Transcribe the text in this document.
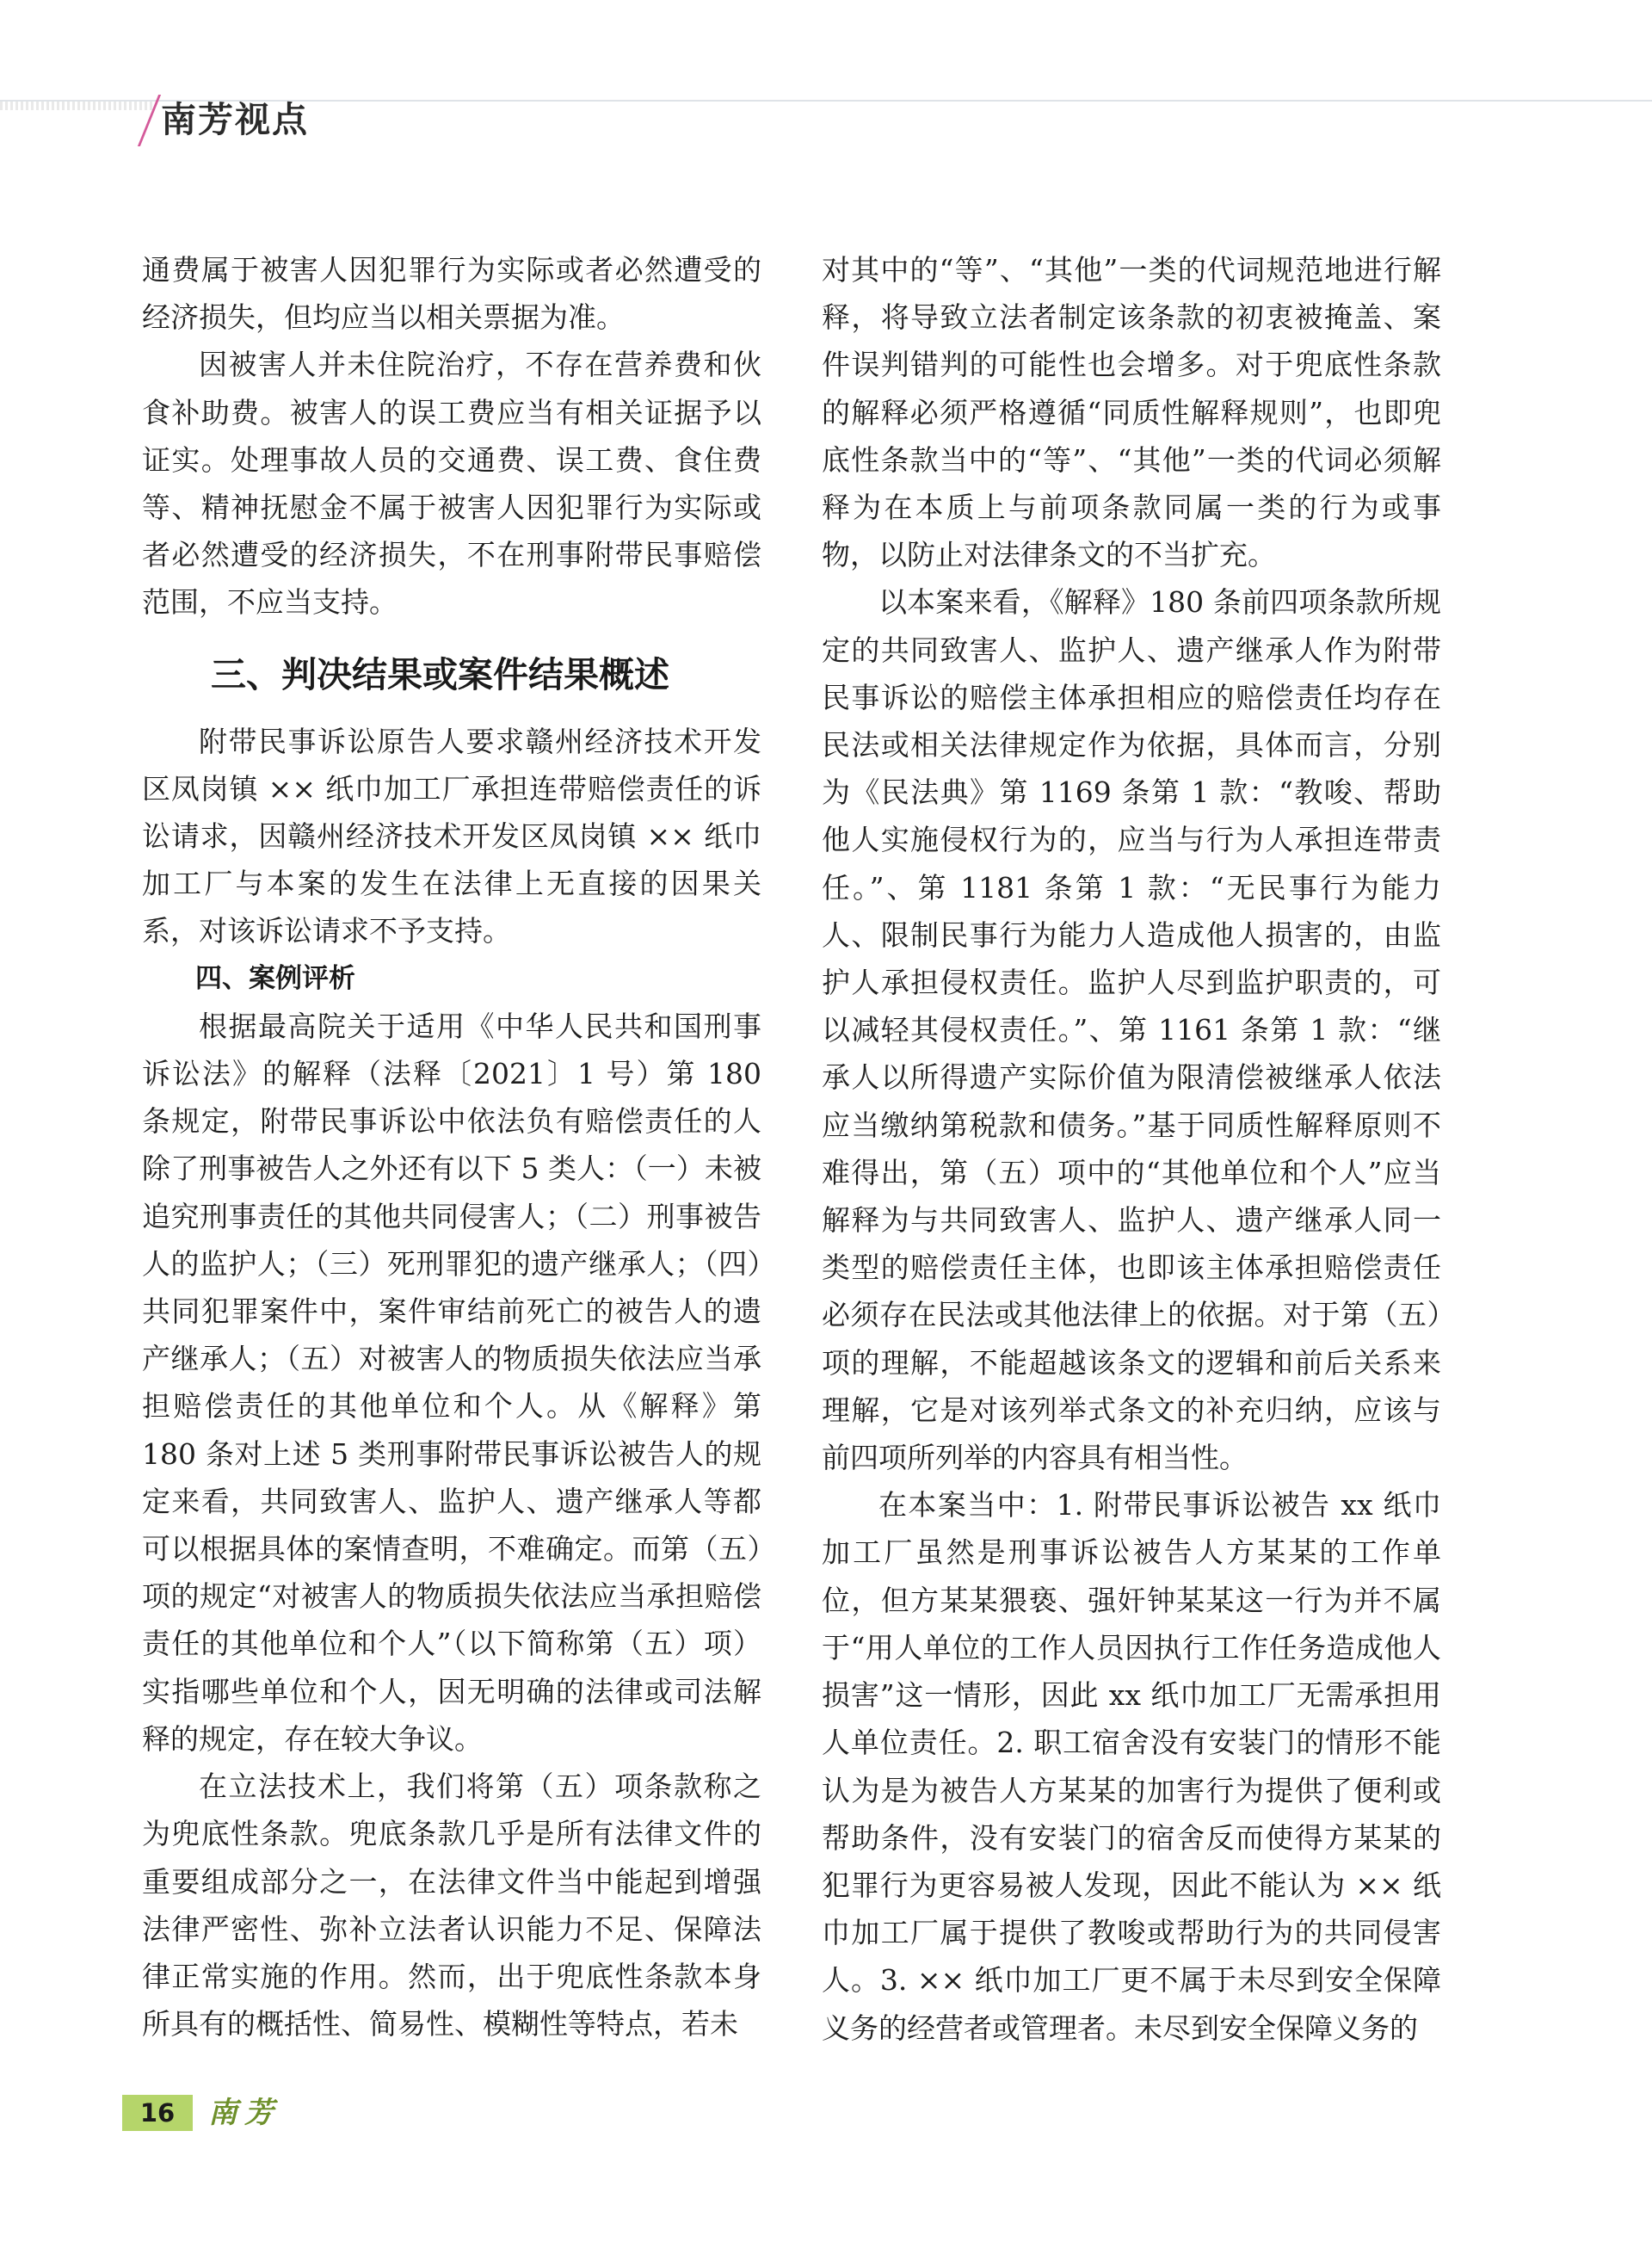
南芳视点

通费属于被害人因犯罪行为实际或者必然遭受的经济损失，但均应当以相关票据为准。

因被害人并未住院治疗，不存在营养费和伙食补助费。被害人的误工费应当有相关证据予以证实。处理事故人员的交通费、误工费、食住费等、精神抚慰金不属于被害人因犯罪行为实际或者必然遭受的经济损失，不在刑事附带民事赔偿范围，不应当支持。

三、判决结果或案件结果概述

附带民事诉讼原告人要求赣州经济技术开发区凤岗镇 ×× 纸巾加工厂承担连带赔偿责任的诉讼请求，因赣州经济技术开发区凤岗镇 ×× 纸巾加工厂与本案的发生在法律上无直接的因果关系，对该诉讼请求不予支持。

四、案例评析

根据最高院关于适用《中华人民共和国刑事诉讼法》的解释（法释〔2021〕1 号）第 180 条规定，附带民事诉讼中依法负有赔偿责任的人除了刑事被告人之外还有以下 5 类人：（一）未被追究刑事责任的其他共同侵害人；（二）刑事被告人的监护人；（三）死刑罪犯的遗产继承人；（四）共同犯罪案件中，案件审结前死亡的被告人的遗产继承人；（五）对被害人的物质损失依法应当承担赔偿责任的其他单位和个人。从《解释》第 180 条对上述 5 类刑事附带民事诉讼被告人的规定来看，共同致害人、监护人、遗产继承人等都可以根据具体的案情查明，不难确定。而第（五）项的规定“对被害人的物质损失依法应当承担赔偿责任的其他单位和个人”（以下简称第（五）项）实指哪些单位和个人，因无明确的法律或司法解释的规定，存在较大争议。

在立法技术上，我们将第（五）项条款称之为兜底性条款。兜底条款几乎是所有法律文件的重要组成部分之一，在法律文件当中能起到增强法律严密性、弥补立法者认识能力不足、保障法律正常实施的作用。然而，出于兜底性条款本身所具有的概括性、简易性、模糊性等特点，若未

对其中的“等”、“其他”一类的代词规范地进行解释，将导致立法者制定该条款的初衷被掩盖、案件误判错判的可能性也会增多。对于兜底性条款的解释必须严格遵循“同质性解释规则”，也即兜底性条款当中的“等”、“其他”一类的代词必须解释为在本质上与前项条款同属一类的行为或事物，以防止对法律条文的不当扩充。

以本案来看，《解释》180 条前四项条款所规定的共同致害人、监护人、遗产继承人作为附带民事诉讼的赔偿主体承担相应的赔偿责任均存在民法或相关法律规定作为依据，具体而言，分别为《民法典》第 1169 条第 1 款：“教唆、帮助他人实施侵权行为的，应当与行为人承担连带责任。”、第 1181 条第 1 款：“无民事行为能力人、限制民事行为能力人造成他人损害的，由监护人承担侵权责任。监护人尽到监护职责的，可以减轻其侵权责任。”、第 1161 条第 1 款：“继承人以所得遗产实际价值为限清偿被继承人依法应当缴纳第税款和债务。”基于同质性解释原则不难得出，第（五）项中的“其他单位和个人”应当解释为与共同致害人、监护人、遗产继承人同一类型的赔偿责任主体，也即该主体承担赔偿责任必须存在民法或其他法律上的依据。对于第（五）项的理解，不能超越该条文的逻辑和前后关系来理解，它是对该列举式条文的补充归纳，应该与前四项所列举的内容具有相当性。

在本案当中：1. 附带民事诉讼被告 xx 纸巾加工厂虽然是刑事诉讼被告人方某某的工作单位，但方某某猥亵、强奸钟某某这一行为并不属于“用人单位的工作人员因执行工作任务造成他人损害”这一情形，因此 xx 纸巾加工厂无需承担用人单位责任。2. 职工宿舍没有安装门的情形不能认为是为被告人方某某的加害行为提供了便利或帮助条件，没有安装门的宿舍反而使得方某某的犯罪行为更容易被人发现，因此不能认为 ×× 纸巾加工厂属于提供了教唆或帮助行为的共同侵害人。3. ×× 纸巾加工厂更不属于未尽到安全保障义务的经营者或管理者。未尽到安全保障义务的

16	南芳
